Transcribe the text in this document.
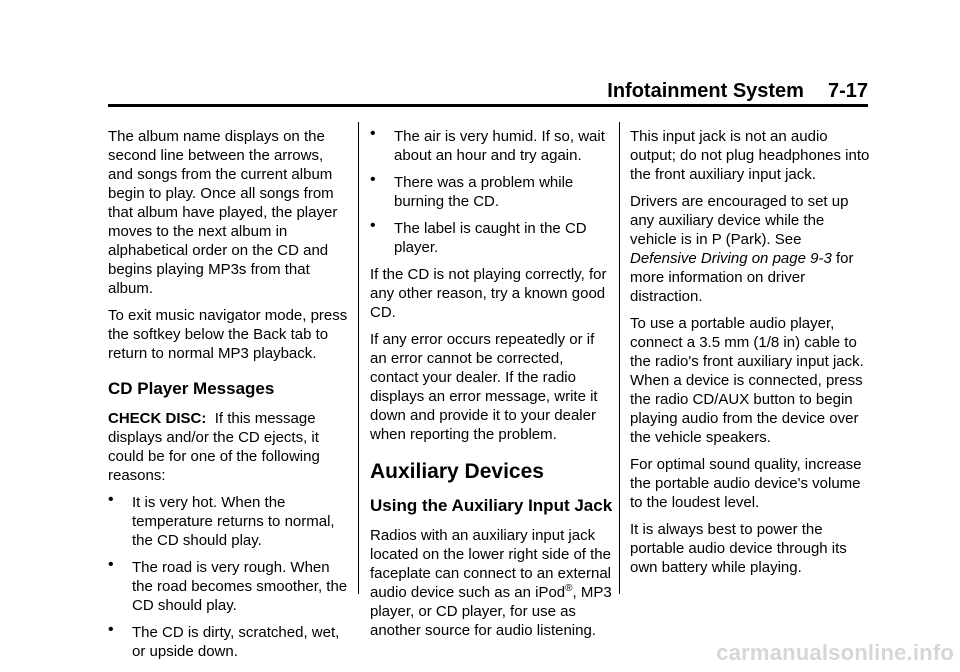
Infotainment System 7-17

The album name displays on the second line between the arrows, and songs from the current album begin to play. Once all songs from that album have played, the player moves to the next album in alphabetical order on the CD and begins playing MP3s from that album.

To exit music navigator mode, press the softkey below the Back tab to return to normal MP3 playback.

CD Player Messages

CHECK DISC: If this message displays and/or the CD ejects, it could be for one of the following reasons:

• It is very hot. When the temperature returns to normal, the CD should play.
• The road is very rough. When the road becomes smoother, the CD should play.
• The CD is dirty, scratched, wet, or upside down.
• The air is very humid. If so, wait about an hour and try again.
• There was a problem while burning the CD.
• The label is caught in the CD player.

If the CD is not playing correctly, for any other reason, try a known good CD.

If any error occurs repeatedly or if an error cannot be corrected, contact your dealer. If the radio displays an error message, write it down and provide it to your dealer when reporting the problem.

Auxiliary Devices
Using the Auxiliary Input Jack

Radios with an auxiliary input jack located on the lower right side of the faceplate can connect to an external audio device such as an iPod®, MP3 player, or CD player, for use as another source for audio listening.

This input jack is not an audio output; do not plug headphones into the front auxiliary input jack.

Drivers are encouraged to set up any auxiliary device while the vehicle is in P (Park). See Defensive Driving on page 9-3 for more information on driver distraction.

To use a portable audio player, connect a 3.5 mm (1/8 in) cable to the radio's front auxiliary input jack. When a device is connected, press the radio CD/AUX button to begin playing audio from the device over the vehicle speakers.

For optimal sound quality, increase the portable audio device's volume to the loudest level.

It is always best to power the portable audio device through its own battery while playing.

carmanualsonline.info
